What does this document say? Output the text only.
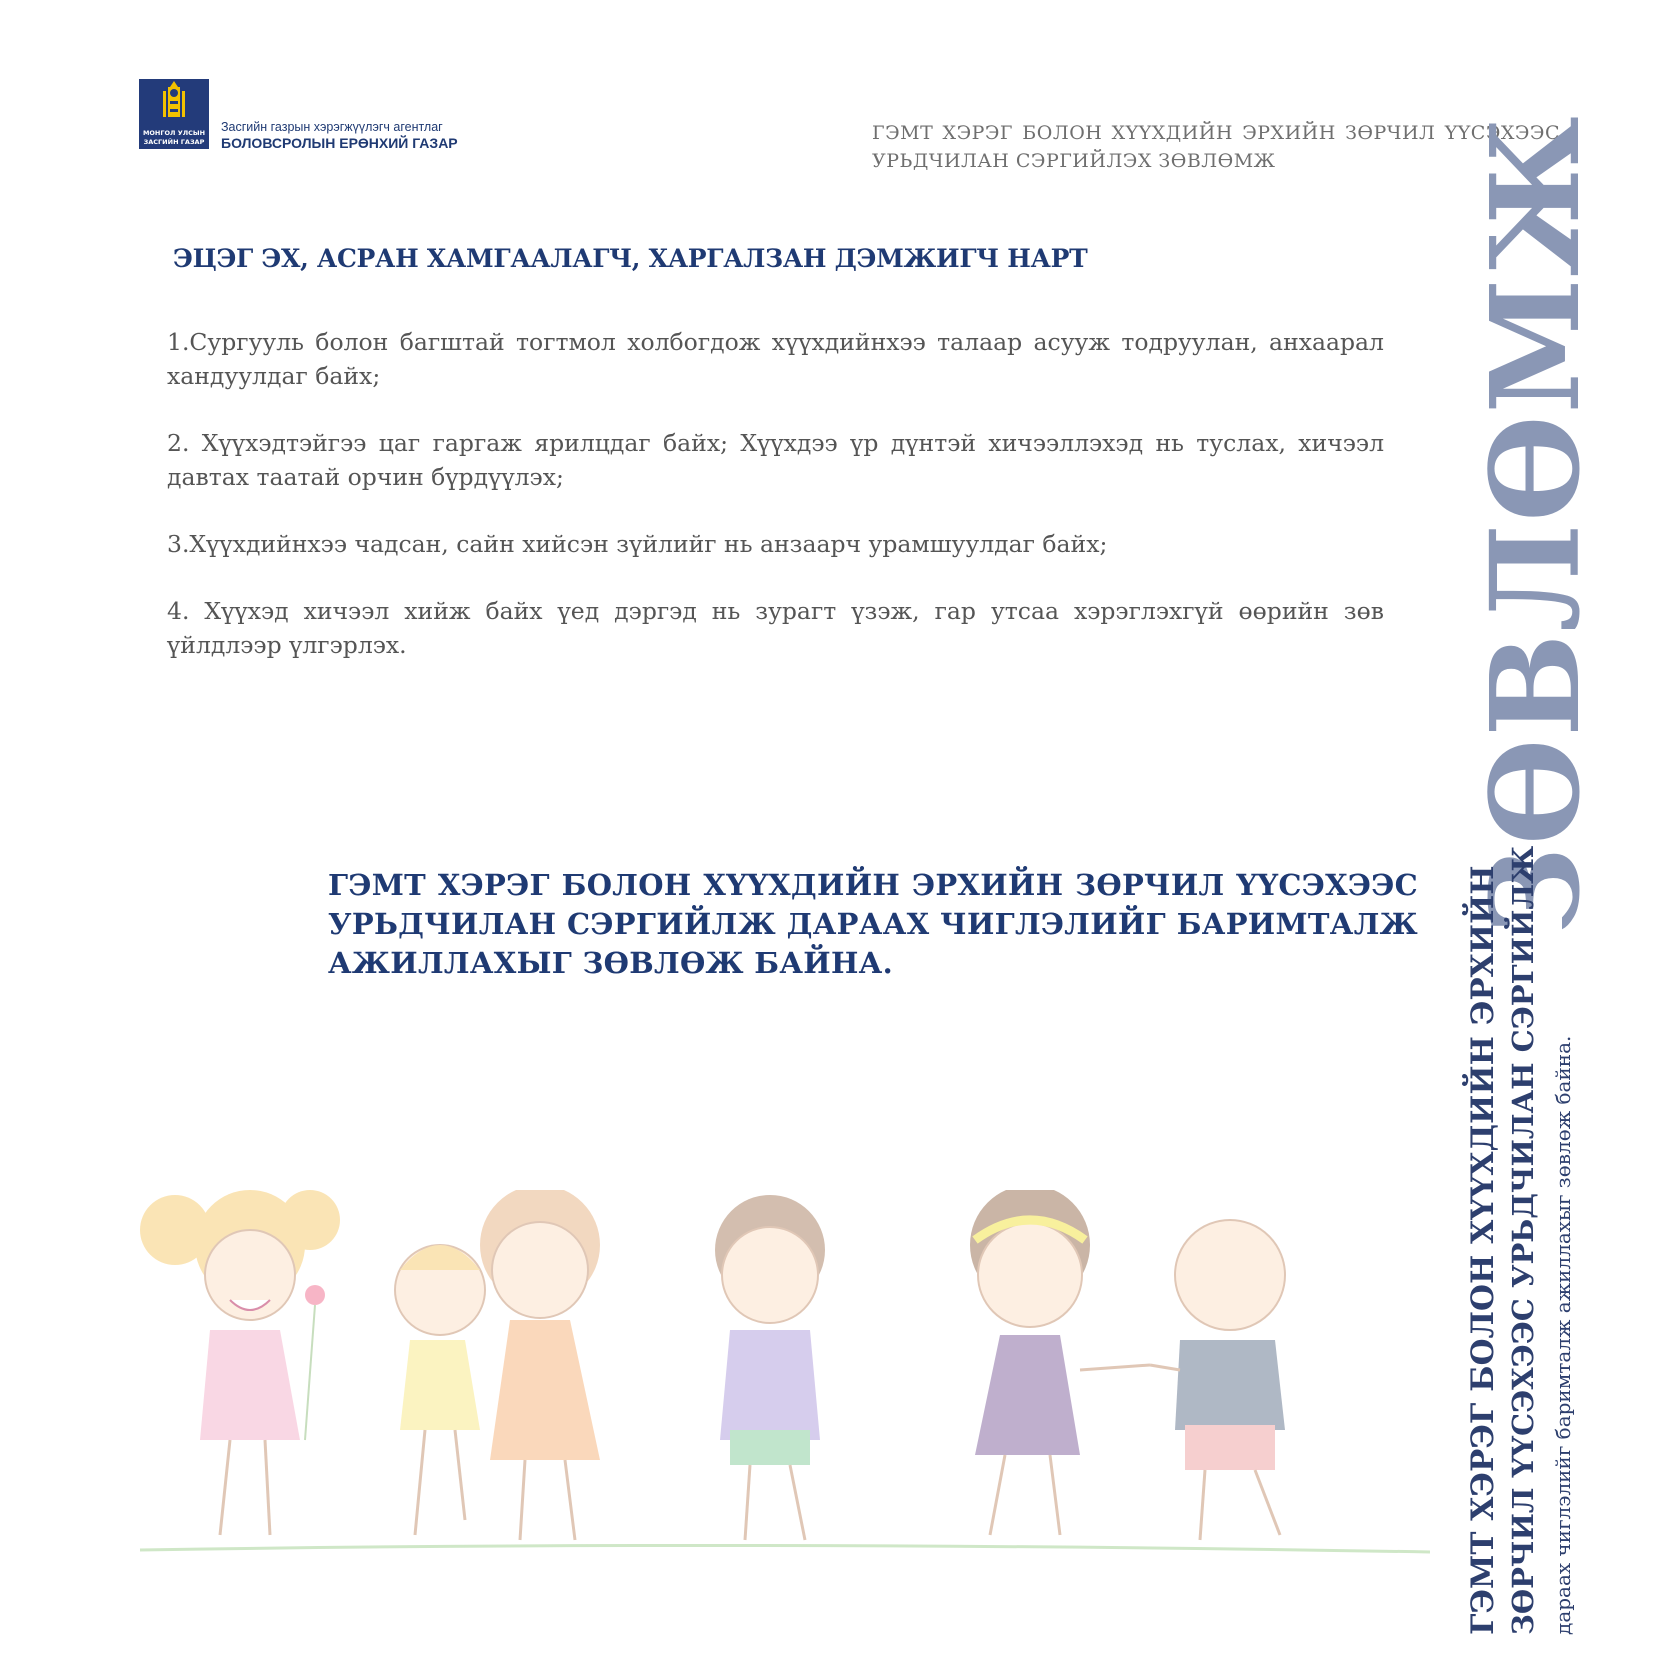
МОНГОЛ УЛСЫН
ЗАСГИЙН ГАЗАР
Засгийн газрын хэрэгжүүлэгч агентлаг
БОЛОВСРОЛЫН ЕРӨНХИЙ ГАЗАР	ГЭМТ ХЭРЭГ БОЛОН ХҮҮХДИЙН ЭРХИЙН ЗӨРЧИЛ ҮҮСЭХЭЭС УРЬДЧИЛАН СЭРГИЙЛЭХ ЗӨВЛӨМЖ
ЭЦЭГ ЭХ, АСРАН ХАМГААЛАГЧ, ХАРГАЛЗАН ДЭМЖИГЧ НАРТ

1.Сургууль болон багштай тогтмол холбогдож хүүхдийнхээ талаар асууж тодруулан, анхаарал хандуулдаг байх;

2. Хүүхэдтэйгээ цаг гаргаж ярилцдаг байх; Хүүхдээ үр дүнтэй хичээллэхэд нь туслах, хичээл давтах таатай орчин бүрдүүлэх;

3.Хүүхдийнхээ чадсан, сайн хийсэн зүйлийг нь анзаарч урамшуулдаг байх;

4. Хүүхэд хичээл хийж байх үед дэргэд нь зурагт үзэж, гар утсаа хэрэглэхгүй өөрийн зөв үйлдлээр үлгэрлэх.

ГЭМТ ХЭРЭГ БОЛОН ХҮҮХДИЙН ЭРХИЙН ЗӨРЧИЛ ҮҮСЭХЭЭС УРЬДЧИЛАН СЭРГИЙЛЖ ДАРААХ ЧИГЛЭЛИЙГ БАРИМТАЛЖ АЖИЛЛАХЫГ ЗӨВЛӨЖ БАЙНА.
ЗӨВЛӨМЖ
ГЭМТ ХЭРЭГ БОЛОН ХҮҮХДИЙН ЭРХИЙН ЗӨРЧИЛ ҮҮСЭХЭЭС УРЬДЧИЛАН СЭРГИЙЛЖ дараах чиглэлийг баримталж ажиллахыг зөвлөж байна.
